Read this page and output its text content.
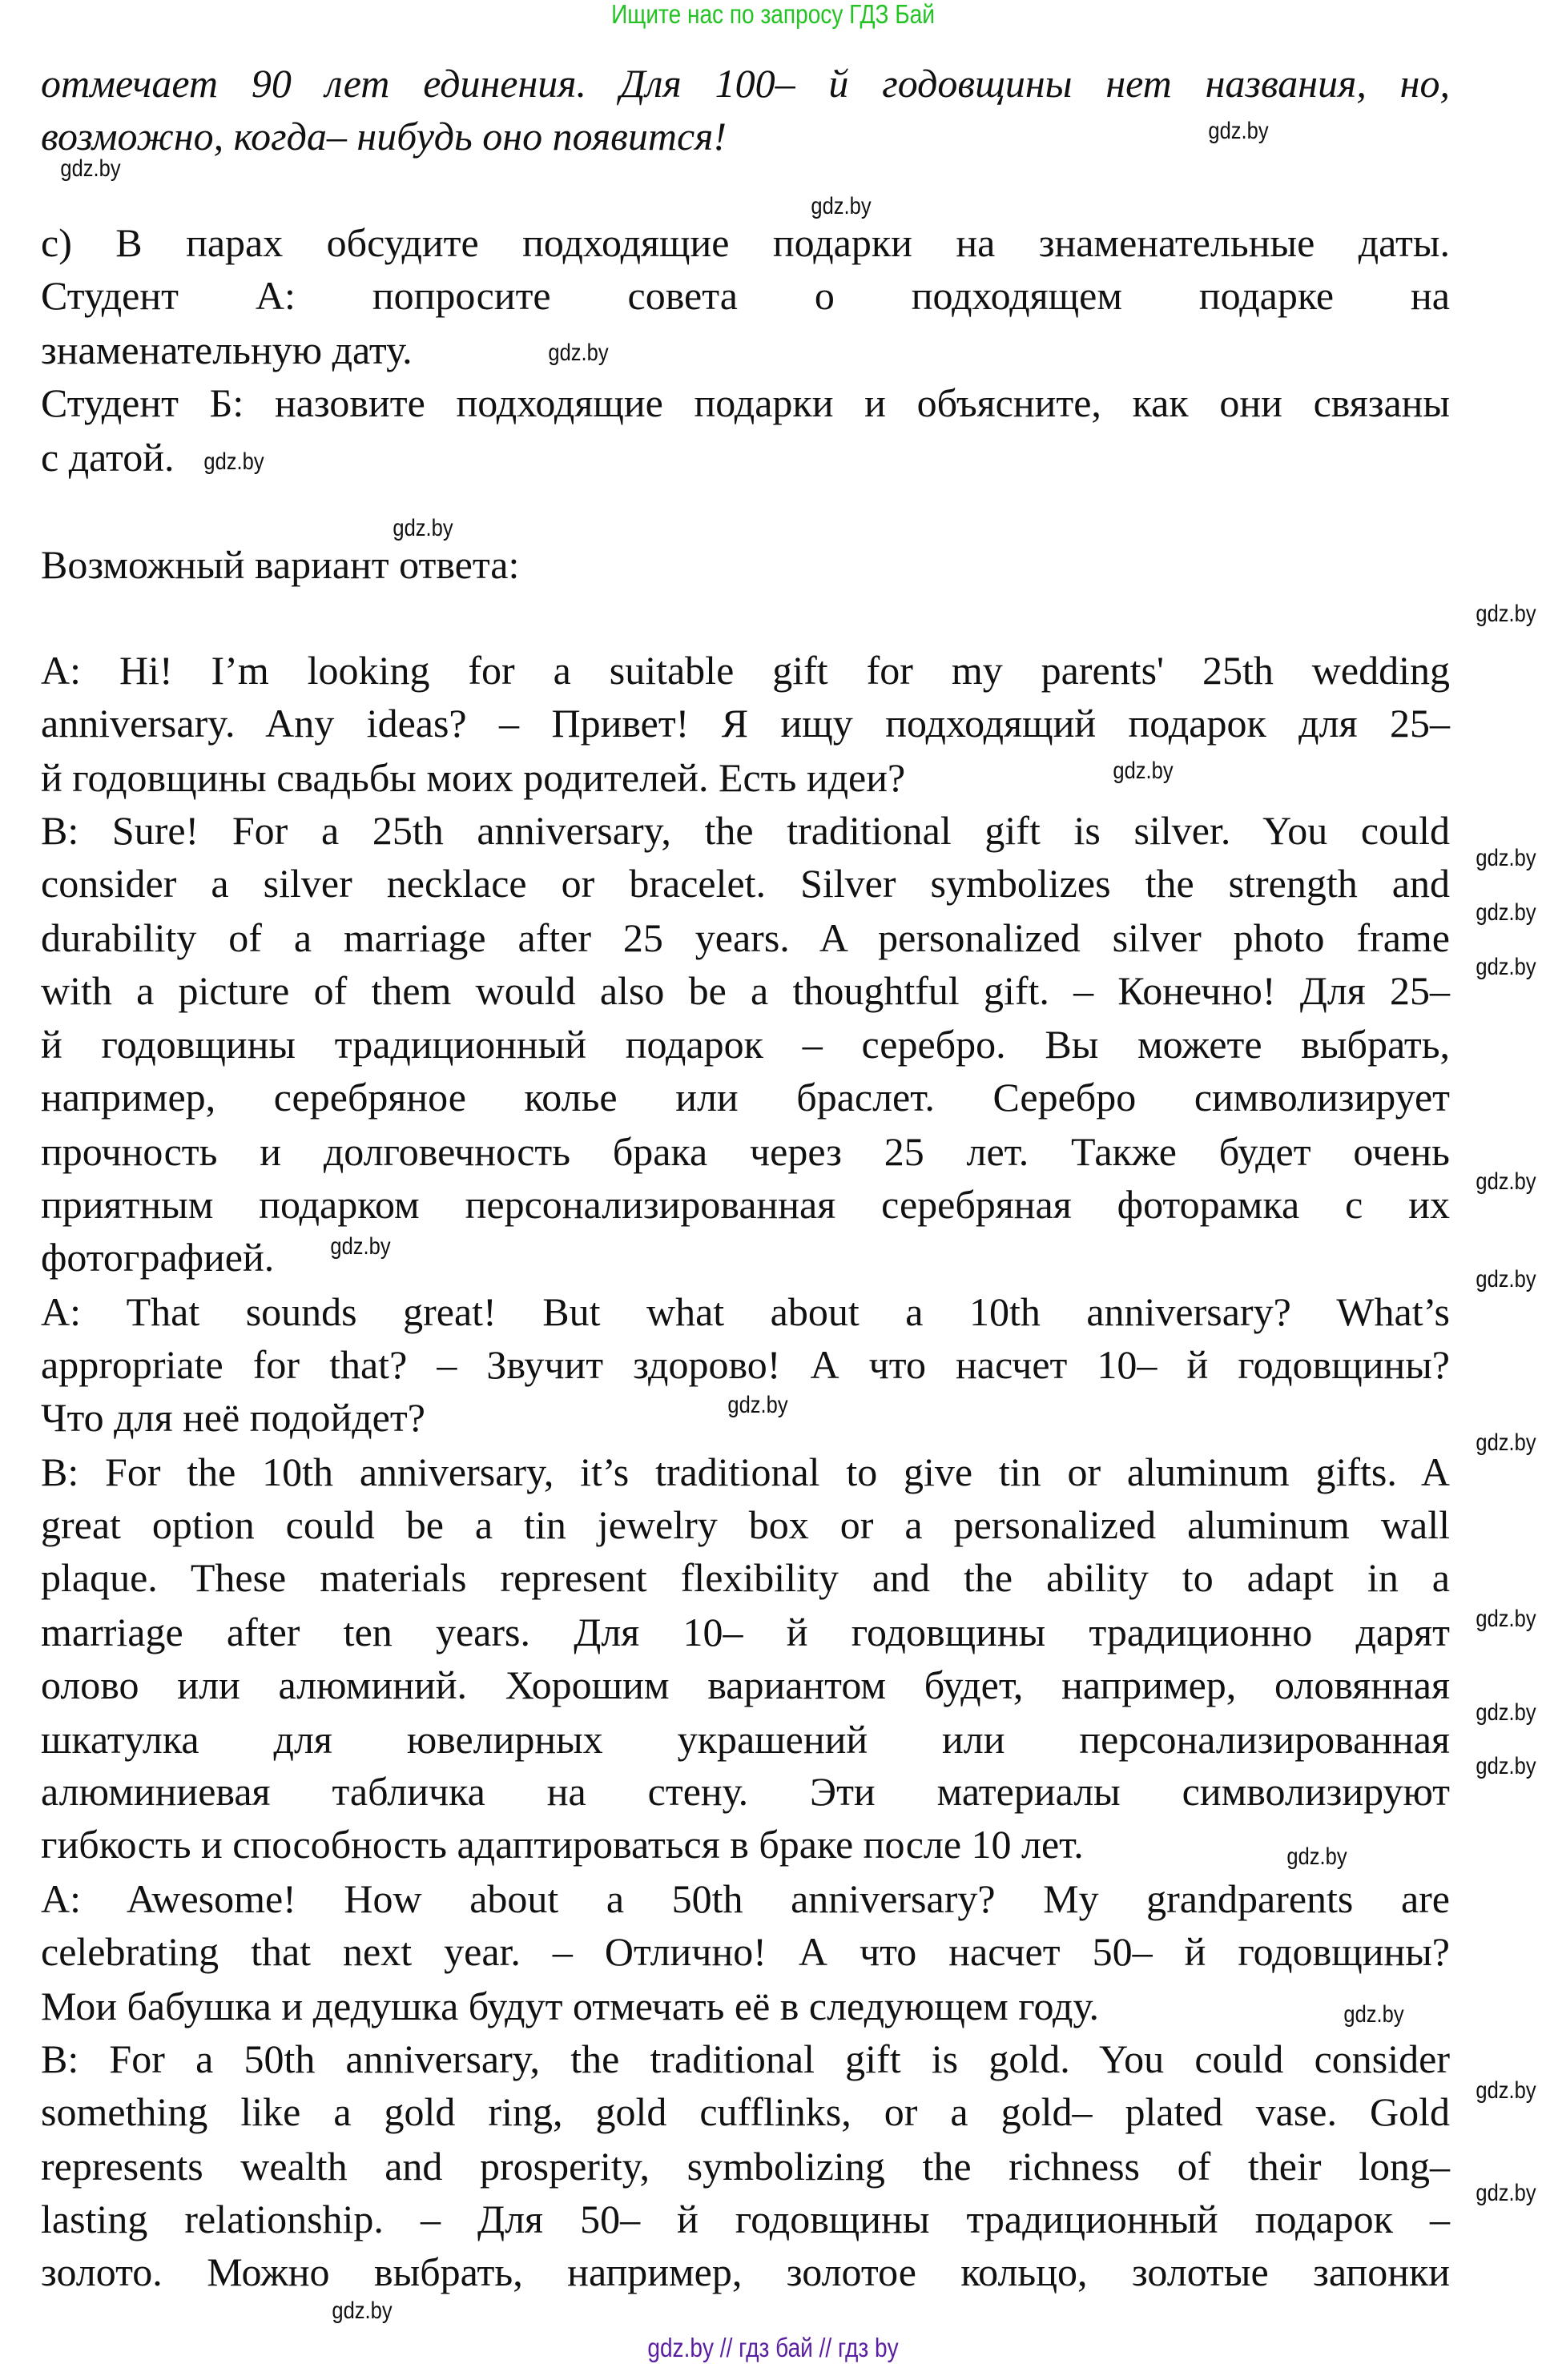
Ищите нас по запросу ГДЗ Бай
отмечает 90 лет единения. Для 100– й годовщины нет названия, но,
возможно, когда– нибудь оно появится!
c) В парах обсудите подходящие подарки на знаменательные даты.
Студент А: попросите совета о подходящем подарке на
знаменательную дату.
Студент Б: назовите подходящие подарки и объясните, как они связаны
с датой.
Возможный вариант ответа:
A: Hi! I’m looking for a suitable gift for my parents' 25th wedding
anniversary. Any ideas? – Привет! Я ищу подходящий подарок для 25–
й годовщины свадьбы моих родителей. Есть идеи?
B: Sure! For a 25th anniversary, the traditional gift is silver. You could
consider a silver necklace or bracelet. Silver symbolizes the strength and
durability of a marriage after 25 years. A personalized silver photo frame
with a picture of them would also be a thoughtful gift. – Конечно! Для 25–
й годовщины традиционный подарок – серебро. Вы можете выбрать,
например, серебряное колье или браслет. Серебро символизирует
прочность и долговечность брака через 25 лет. Также будет очень
приятным подарком персонализированная серебряная фоторамка с их
фотографией.
A: That sounds great! But what about a 10th anniversary? What’s
appropriate for that? – Звучит здорово! А что насчет 10– й годовщины?
Что для неё подойдет?
B: For the 10th anniversary, it’s traditional to give tin or aluminum gifts. A
great option could be a tin jewelry box or a personalized aluminum wall
plaque. These materials represent flexibility and the ability to adapt in a
marriage after ten years. Для 10– й годовщины традиционно дарят
олово или алюминий. Хорошим вариантом будет, например, оловянная
шкатулка для ювелирных украшений или персонализированная
алюминиевая табличка на стену. Эти материалы символизируют
гибкость и способность адаптироваться в браке после 10 лет.
A: Awesome! How about a 50th anniversary? My grandparents are
celebrating that next year. – Отлично! А что насчет 50– й годовщины?
Мои бабушка и дедушка будут отмечать её в следующем году.
B: For a 50th anniversary, the traditional gift is gold. You could consider
something like a gold ring, gold cufflinks, or a gold– plated vase. Gold
represents wealth and prosperity, symbolizing the richness of their long–
lasting relationship. – Для 50– й годовщины традиционный подарок –
золото. Можно выбрать, например, золотое кольцо, золотые запонки
gdz.by
gdz.by
gdz.by
gdz.by
gdz.by
gdz.by
gdz.by
gdz.by
gdz.by
gdz.by
gdz.by
gdz.by
gdz.by
gdz.by
gdz.by
gdz.by
gdz.by
gdz.by
gdz.by
gdz.by
gdz.by
gdz.by
gdz.by
gdz.by
gdz.by // гдз бай // гдз by
